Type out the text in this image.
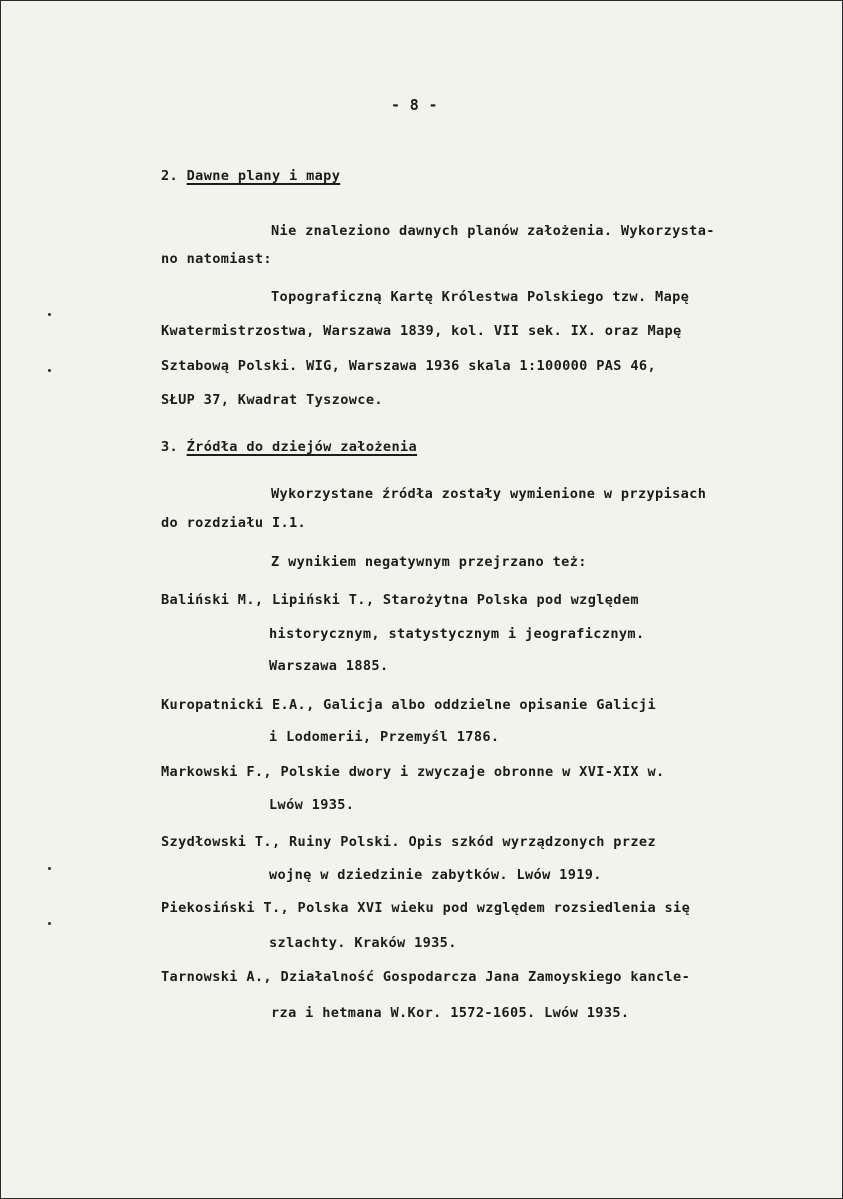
- 8 -
2. Dawne plany i mapy
Nie znaleziono dawnych planów założenia. Wykorzysta-
no natomiast:
Topograficzną Kartę Królestwa Polskiego tzw. Mapę
Kwatermistrzostwa, Warszawa 1839, kol. VII sek. IX. oraz Mapę
Sztabową Polski. WIG, Warszawa 1936 skala 1:100000 PAS 46,
SŁUP 37, Kwadrat Tyszowce.
3. Źródła do dziejów założenia
Wykorzystane źródła zostały wymienione w przypisach
do rozdziału I.1.
Z wynikiem negatywnym przejrzano też:
Baliński M., Lipiński T., Starożytna Polska pod względem
historycznym, statystycznym i jeograficznym.
Warszawa 1885.
Kuropatnicki E.A., Galicja albo oddzielne opisanie Galicji
i Lodomerii, Przemyśl 1786.
Markowski F., Polskie dwory i zwyczaje obronne w XVI-XIX w.
Lwów 1935.
Szydłowski T., Ruiny Polski. Opis szkód wyrządzonych przez
wojnę w dziedzinie zabytków. Lwów 1919.
Piekosiński T., Polska XVI wieku pod względem rozsiedlenia się
szlachty. Kraków 1935.
Tarnowski A., Działalność Gospodarcza Jana Zamoyskiego kancle-
rza i hetmana W.Kor. 1572-1605. Lwów 1935.
